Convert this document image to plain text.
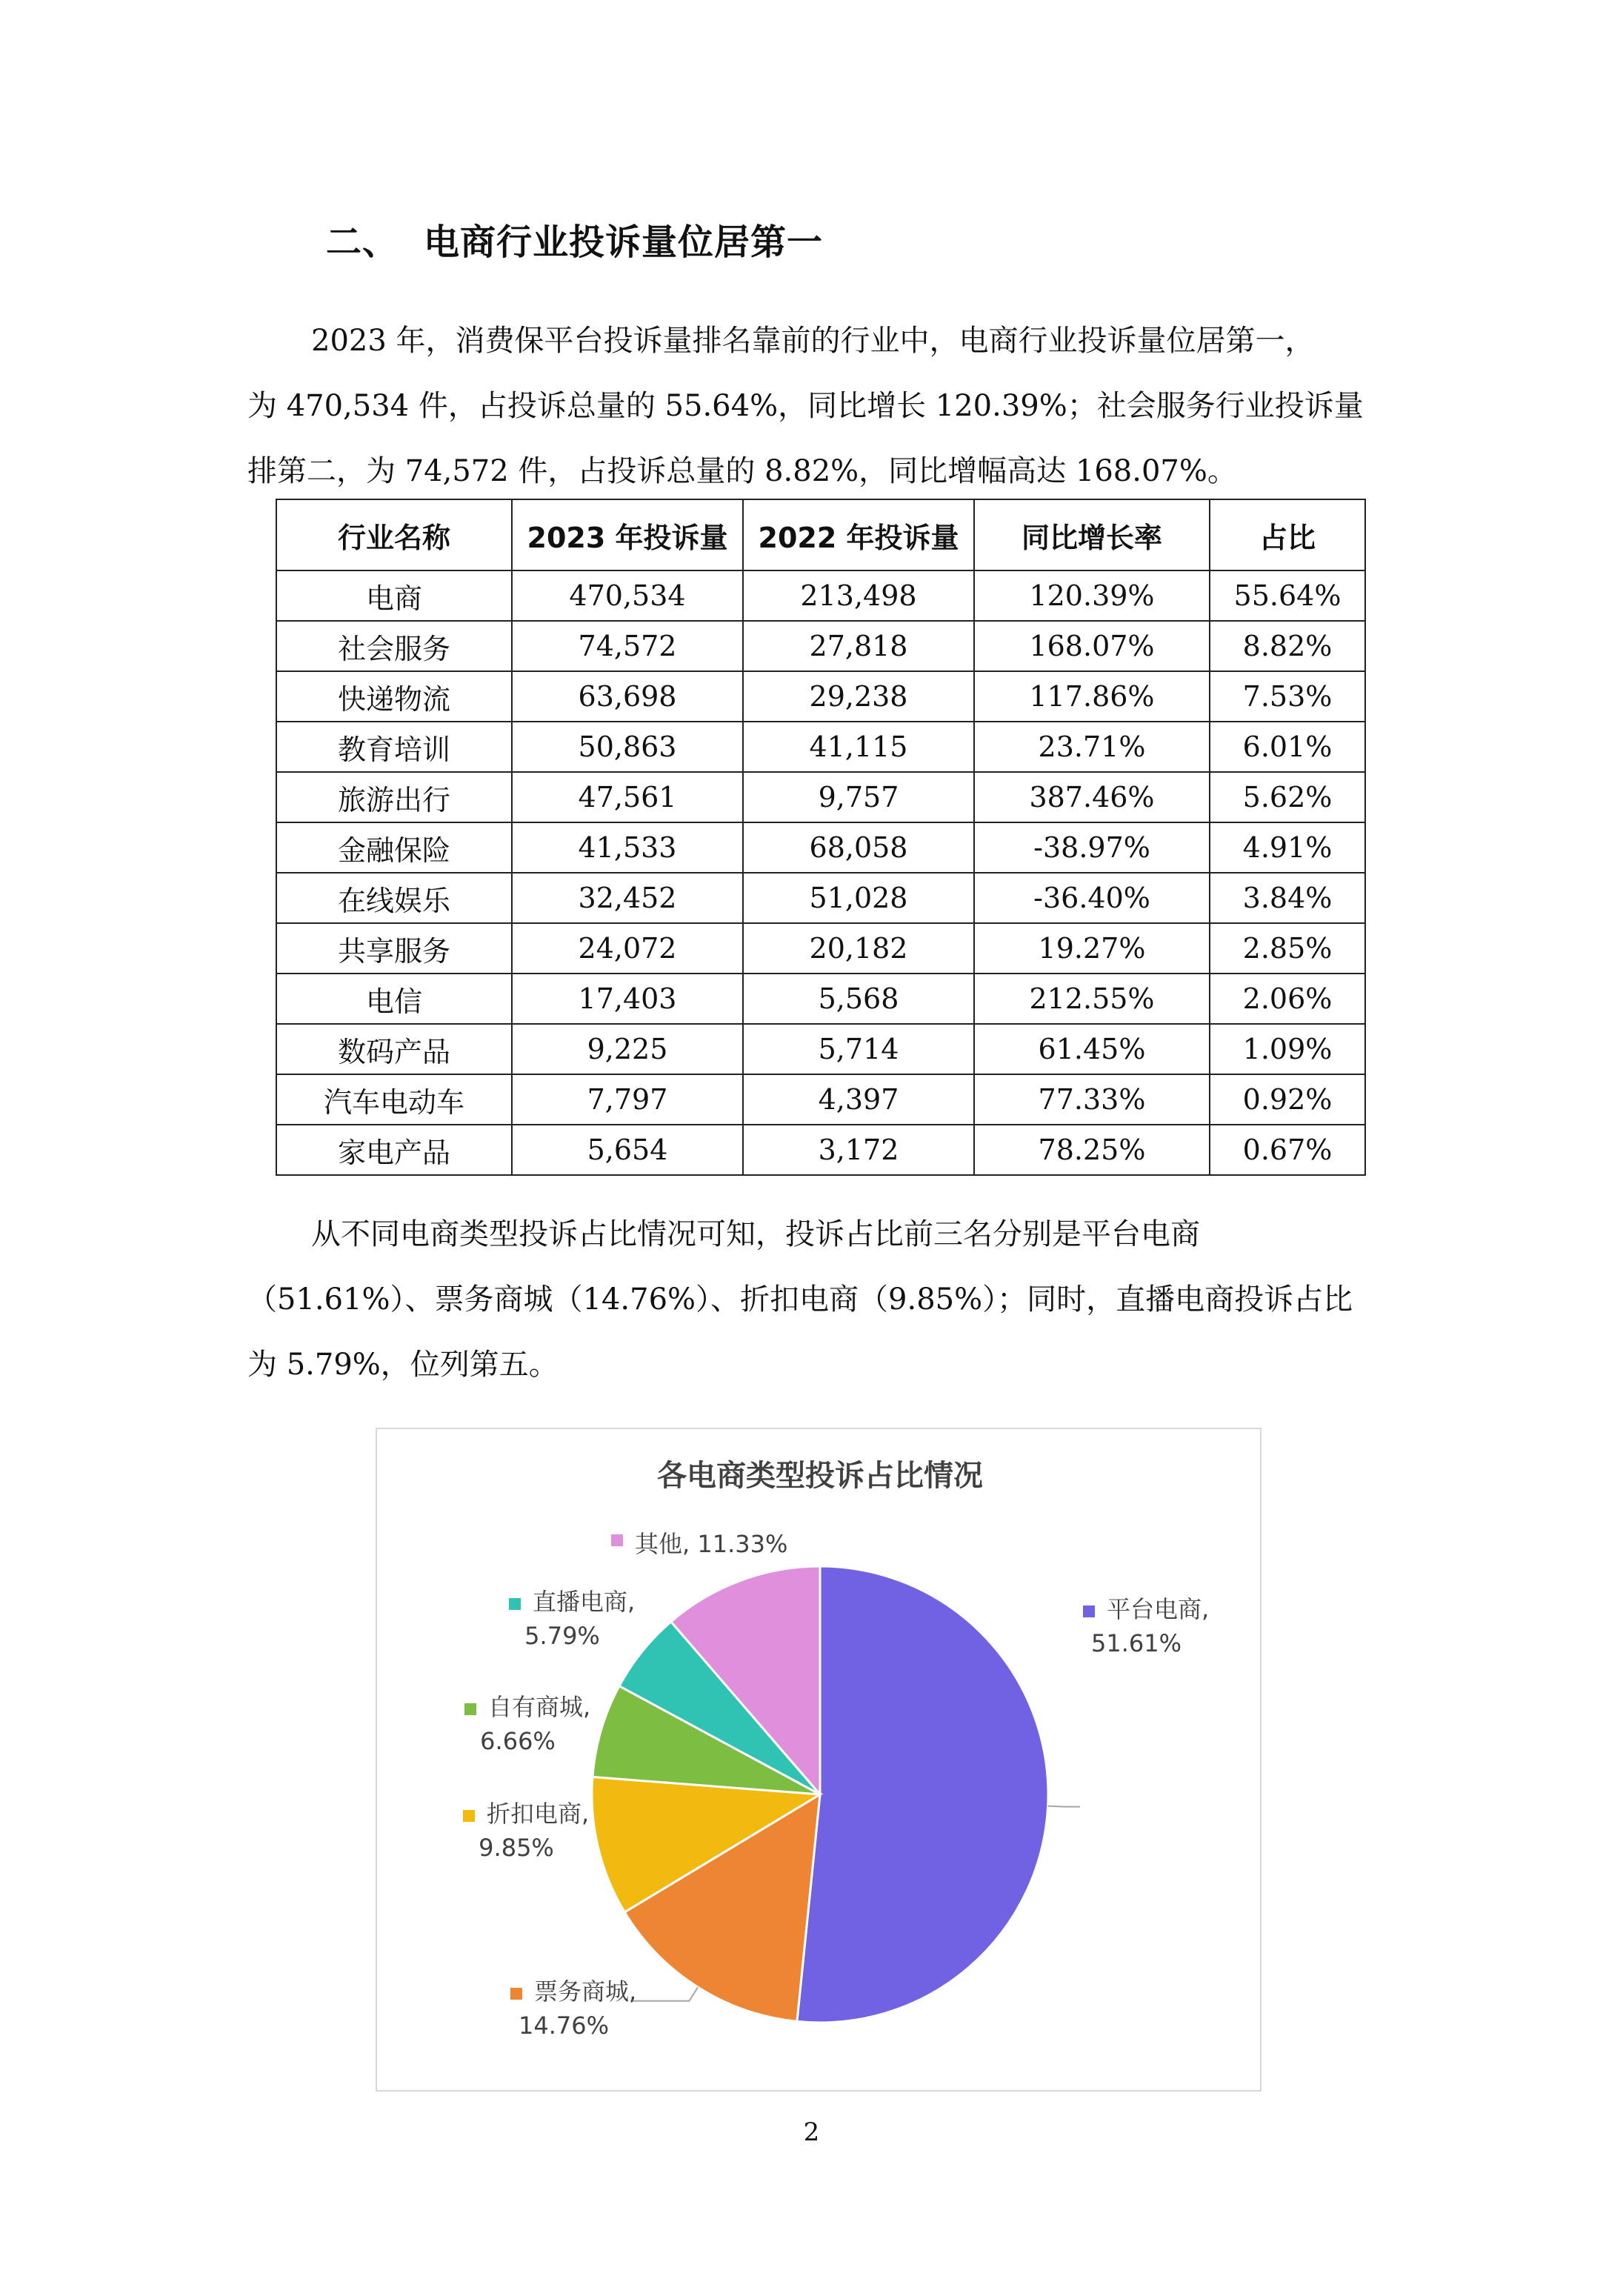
二、 电商行业投诉量位居第一

2023 年，消费保平台投诉量排名靠前的行业中，电商行业投诉量位居第一，
为 470,534 件，占投诉总量的 55.64%，同比增长 120.39%；社会服务行业投诉量
排第二，为 74,572 件，占投诉总量的 8.82%，同比增幅高达 168.07%。

行业名称	2023 年投诉量	2022 年投诉量	同比增长率	占比
电商	470,534	213,498	120.39%	55.64%
社会服务	74,572	27,818	168.07%	8.82%
快递物流	63,698	29,238	117.86%	7.53%
教育培训	50,863	41,115	23.71%	6.01%
旅游出行	47,561	9,757	387.46%	5.62%
金融保险	41,533	68,058	-38.97%	4.91%
在线娱乐	32,452	51,028	-36.40%	3.84%
共享服务	24,072	20,182	19.27%	2.85%
电信	17,403	5,568	212.55%	2.06%
数码产品	9,225	5,714	61.45%	1.09%
汽车电动车	7,797	4,397	77.33%	0.92%
家电产品	5,654	3,172	78.25%	0.67%

从不同电商类型投诉占比情况可知，投诉占比前三名分别是平台电商
（51.61%）、票务商城（14.76%）、折扣电商（9.85%）；同时，直播电商投诉占比
为 5.79%，位列第五。

各电商类型投诉占比情况
平台电商,
51.61%
票务商城,
14.76%
折扣电商,
9.85%
自有商城,
6.66%
直播电商,
5.79%
其他, 11.33%
2
